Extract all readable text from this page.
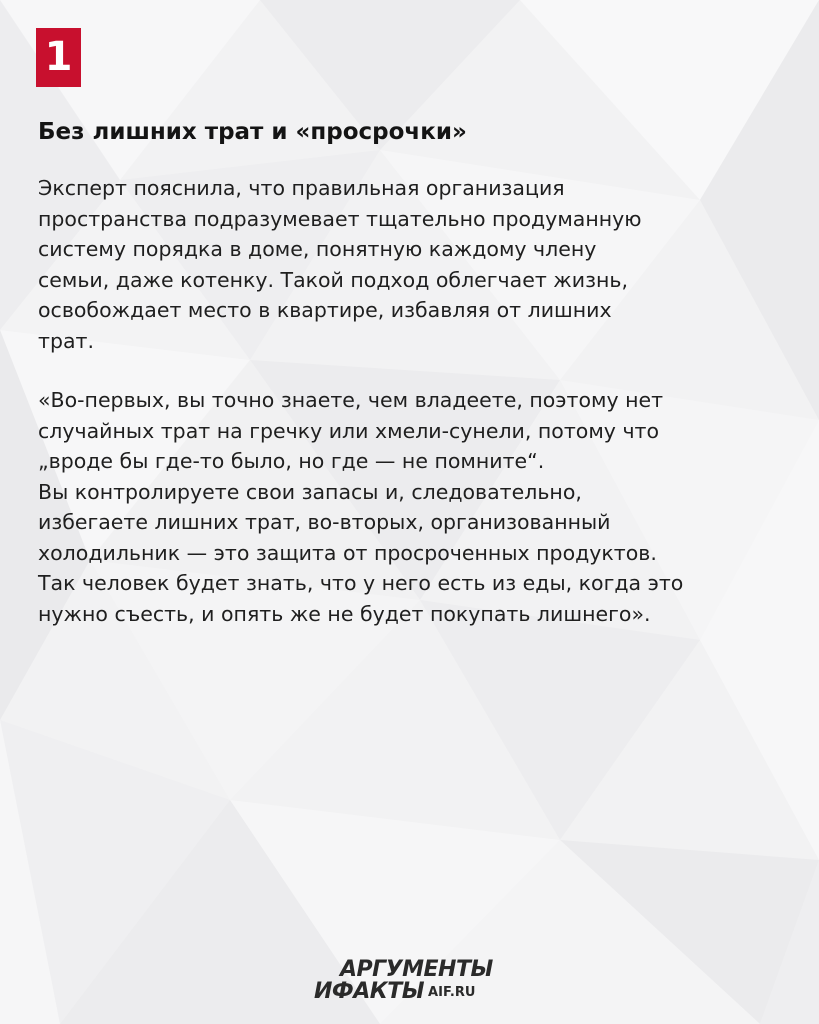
1
Без лишних трат и «просрочки»

Эксперт пояснила, что правильная организация
пространства подразумевает тщательно продуманную
систему порядка в доме, понятную каждому члену
семьи, даже котенку. Такой подход облегчает жизнь,
освобождает место в квартире, избавляя от лишних
трат.

«Во-первых, вы точно знаете, чем владеете, поэтому нет
случайных трат на гречку или хмели-сунели, потому что
„вроде бы где-то было, но где — не помните“.
Вы контролируете свои запасы и, следовательно,
избегаете лишних трат, во-вторых, организованный
холодильник — это защита от просроченных продуктов.
Так человек будет знать, что у него есть из еды, когда это
нужно съесть, и опять же не будет покупать лишнего».

АРГУМЕНТЫ
ИФАКТЫ AIF.RU
